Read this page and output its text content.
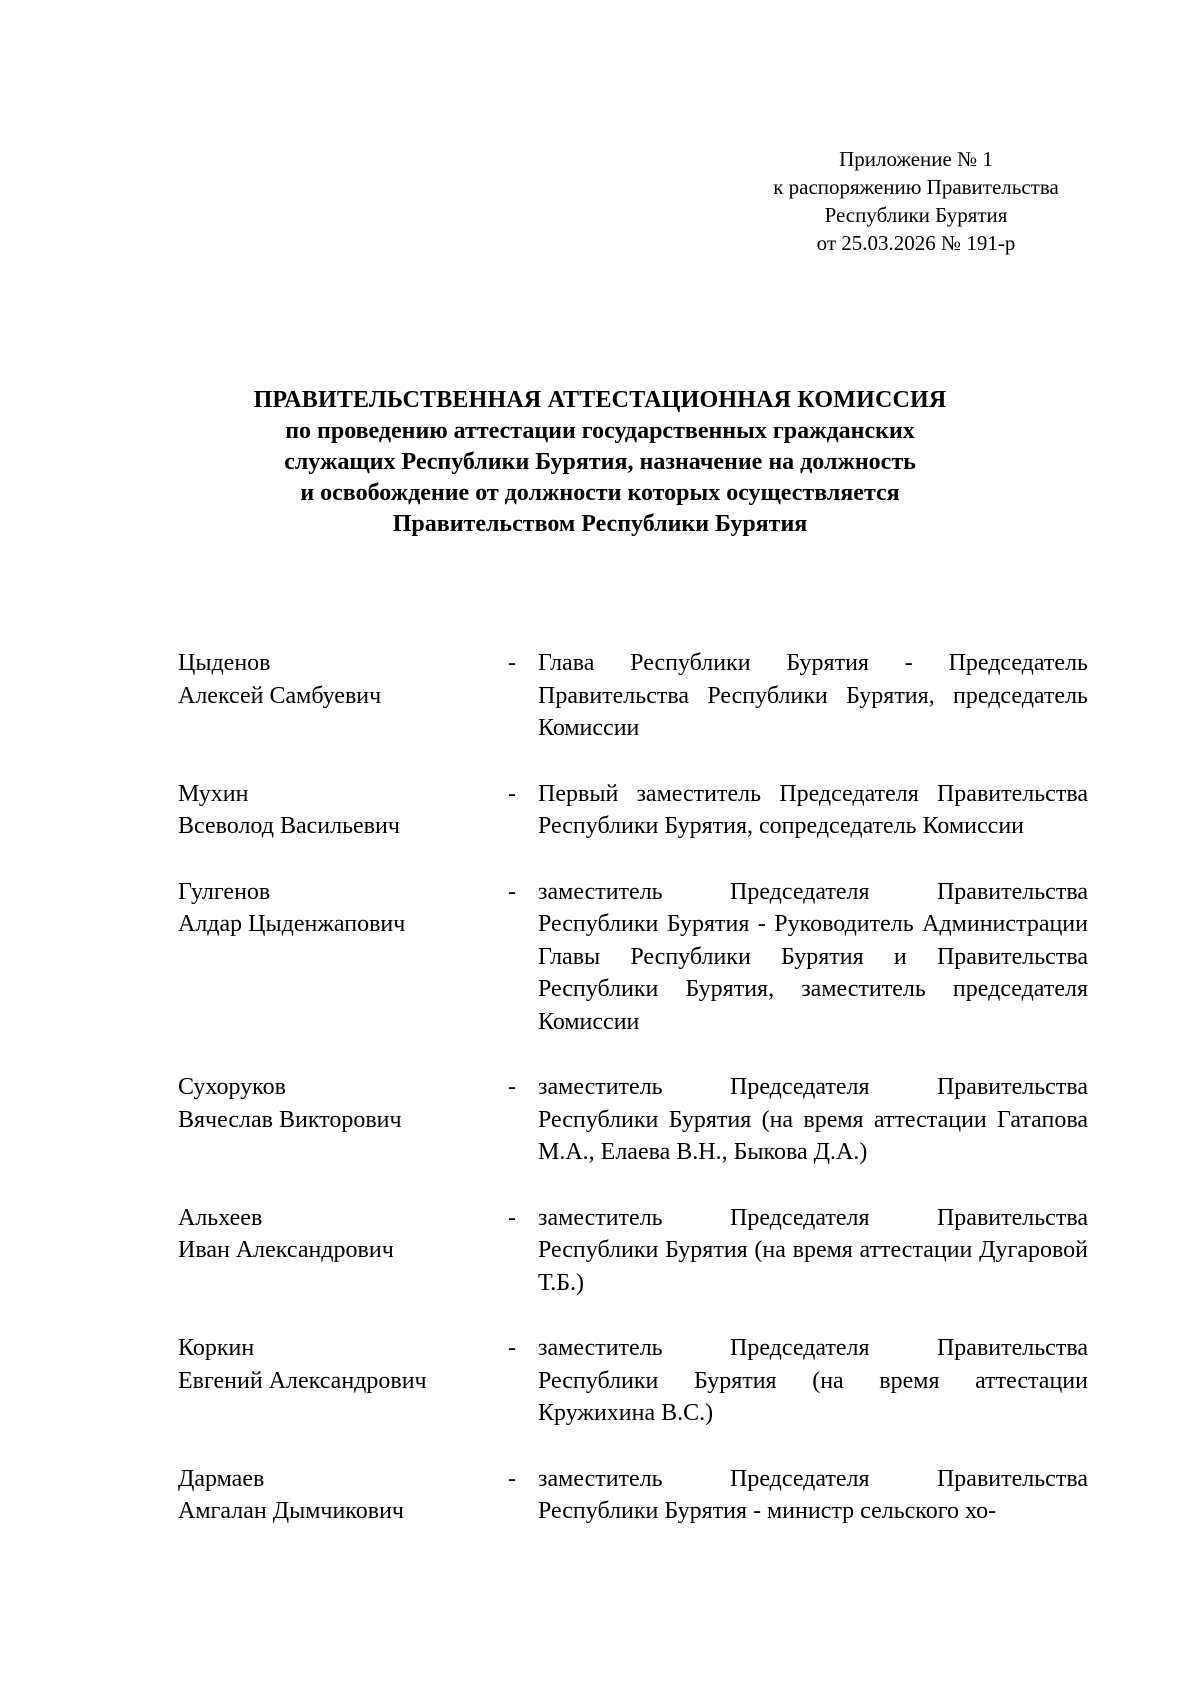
Приложение № 1
к распоряжению Правительства
Республики Бурятия
от 25.03.2026 № 191-р
ПРАВИТЕЛЬСТВЕННАЯ АТТЕСТАЦИОННАЯ КОМИССИЯ
по проведению аттестации государственных гражданских
служащих Республики Бурятия, назначение на должность
и освобождение от должности которых осуществляется
Правительством Республики Бурятия
Цыденов
Алексей Самбуевич
- Глава Республики Бурятия - Председатель Правительства Республики Бурятия, председатель Комиссии
Мухин
Всеволод Васильевич
- Первый заместитель Председателя Правительства Республики Бурятия, сопредседатель Комиссии
Гулгенов
Алдар Цыденжапович
- заместитель Председателя Правительства Республики Бурятия - Руководитель Администрации Главы Республики Бурятия и Правительства Республики Бурятия, заместитель председателя Комиссии
Сухоруков
Вячеслав Викторович
- заместитель Председателя Правительства Республики Бурятия (на время аттестации Гатапова М.А., Елаева В.Н., Быкова Д.А.)
Альхеев
Иван Александрович
- заместитель Председателя Правительства Республики Бурятия (на время аттестации Дугаровой Т.Б.)
Коркин
Евгений Александрович
- заместитель Председателя Правительства Республики Бурятия (на время аттестации Кружихина В.С.)
Дармаев
Амгалан Дымчикович
- заместитель Председателя Правительства Республики Бурятия - министр сельского хо-
